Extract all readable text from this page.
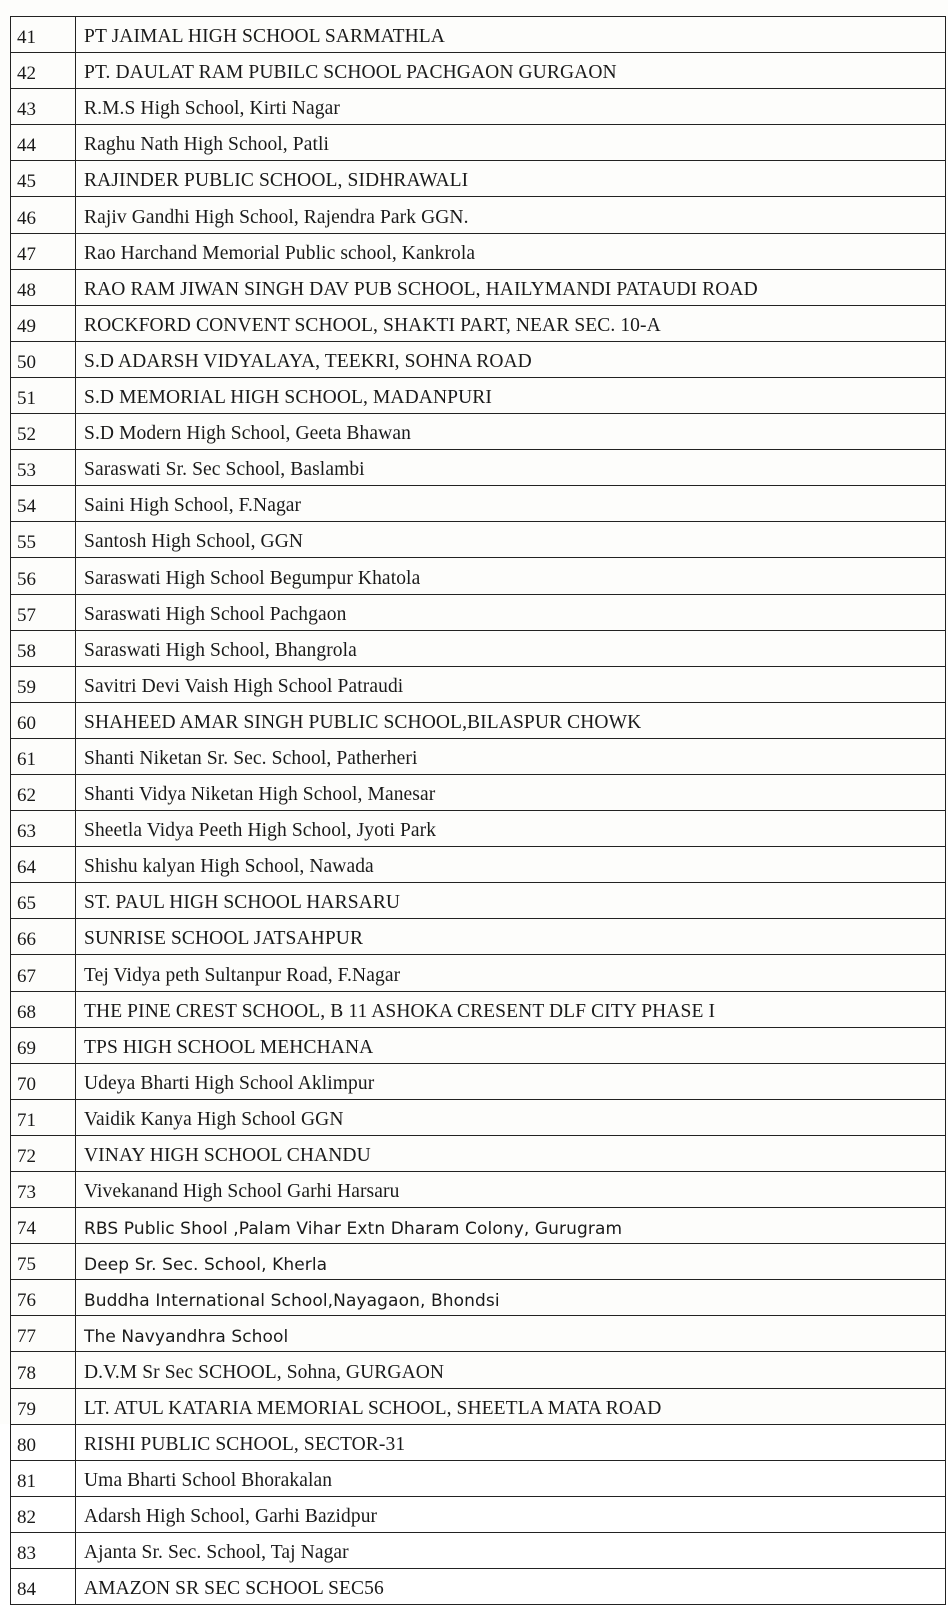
41	PT JAIMAL HIGH SCHOOL SARMATHLA
42	PT. DAULAT RAM PUBILC SCHOOL PACHGAON GURGAON
43	R.M.S High School, Kirti Nagar
44	Raghu Nath High School, Patli
45	RAJINDER PUBLIC SCHOOL, SIDHRAWALI
46	Rajiv Gandhi High School, Rajendra Park GGN.
47	Rao Harchand Memorial Public school, Kankrola
48	RAO RAM JIWAN SINGH DAV PUB SCHOOL, HAILYMANDI PATAUDI ROAD
49	ROCKFORD CONVENT SCHOOL, SHAKTI PART, NEAR SEC. 10-A
50	S.D ADARSH VIDYALAYA, TEEKRI, SOHNA ROAD
51	S.D MEMORIAL HIGH SCHOOL, MADANPURI
52	S.D Modern High School, Geeta Bhawan
53	Saraswati Sr. Sec School, Baslambi
54	Saini High School, F.Nagar
55	Santosh High School, GGN
56	Saraswati High School Begumpur Khatola
57	Saraswati High School Pachgaon
58	Saraswati High School, Bhangrola
59	Savitri Devi Vaish High School Patraudi
60	SHAHEED AMAR SINGH PUBLIC SCHOOL,BILASPUR CHOWK
61	Shanti Niketan Sr. Sec. School, Patherheri
62	Shanti Vidya Niketan High School, Manesar
63	Sheetla Vidya Peeth High School, Jyoti Park
64	Shishu kalyan High School, Nawada
65	ST. PAUL HIGH SCHOOL HARSARU
66	SUNRISE SCHOOL JATSAHPUR
67	Tej Vidya peth Sultanpur Road, F.Nagar
68	THE PINE CREST SCHOOL, B 11 ASHOKA CRESENT DLF CITY PHASE I
69	TPS HIGH SCHOOL MEHCHANA
70	Udeya Bharti High School Aklimpur
71	Vaidik Kanya High School GGN
72	VINAY HIGH SCHOOL CHANDU
73	Vivekanand High School Garhi Harsaru
74	RBS Public Shool ,Palam Vihar Extn Dharam Colony, Gurugram
75	Deep Sr. Sec. School, Kherla
76	Buddha International School,Nayagaon, Bhondsi
77	The Navyandhra School
78	D.V.M Sr Sec SCHOOL, Sohna, GURGAON
79	LT. ATUL KATARIA MEMORIAL SCHOOL, SHEETLA MATA ROAD
80	RISHI PUBLIC SCHOOL, SECTOR-31
81	Uma Bharti School Bhorakalan
82	Adarsh High School, Garhi Bazidpur
83	Ajanta Sr. Sec. School, Taj Nagar
84	AMAZON SR SEC SCHOOL SEC56
